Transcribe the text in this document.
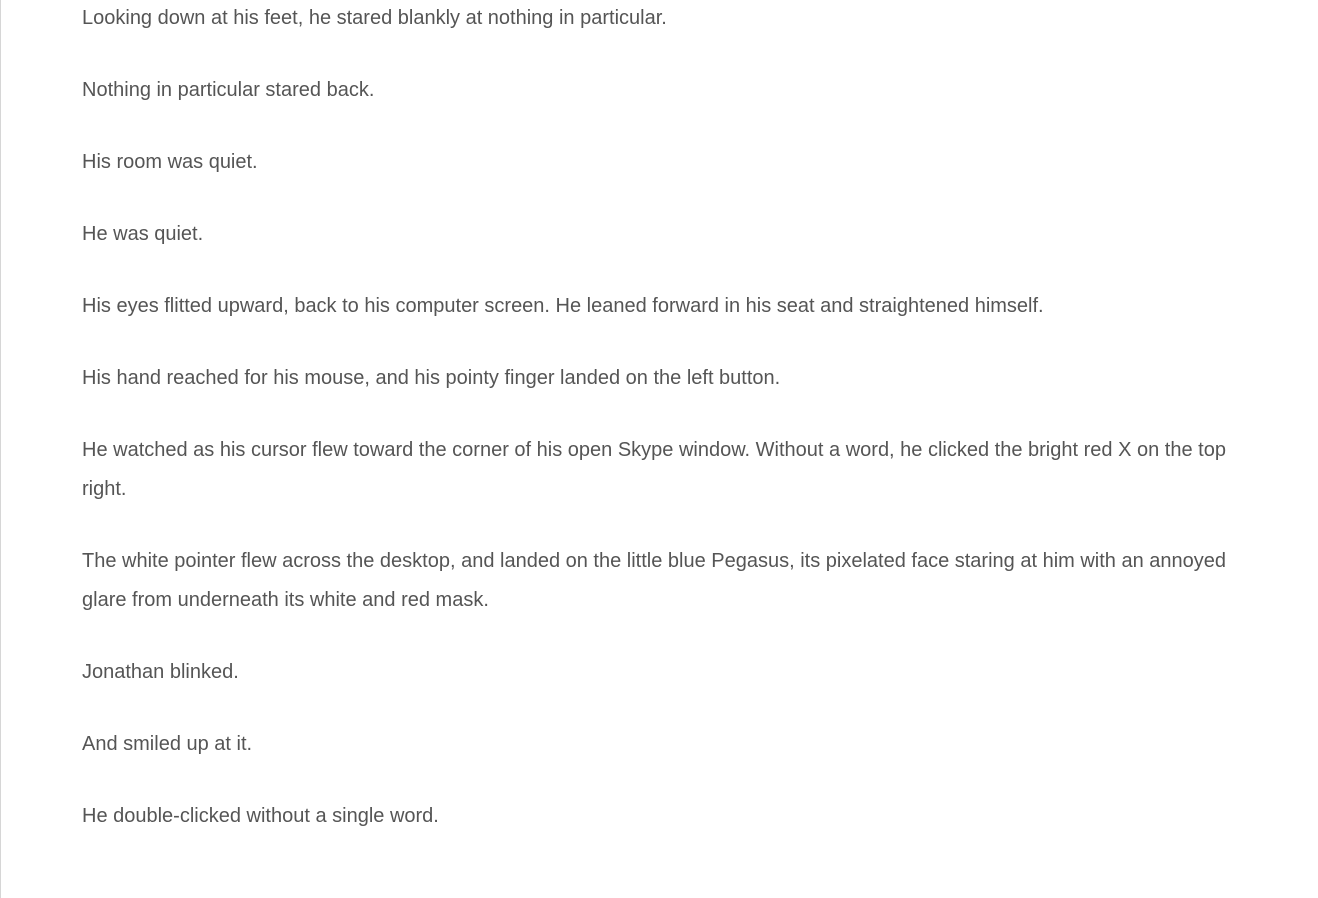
Looking down at his feet, he stared blankly at nothing in particular.

Nothing in particular stared back.

His room was quiet.

He was quiet.

His eyes flitted upward, back to his computer screen. He leaned forward in his seat and straightened himself.

His hand reached for his mouse, and his pointy finger landed on the left button.

He watched as his cursor flew toward the corner of his open Skype window. Without a word, he clicked the bright red X on the top right.

The white pointer flew across the desktop, and landed on the little blue Pegasus, its pixelated face staring at him with an annoyed glare from underneath its white and red mask.

Jonathan blinked.

And smiled up at it.

He double-clicked without a single word.
